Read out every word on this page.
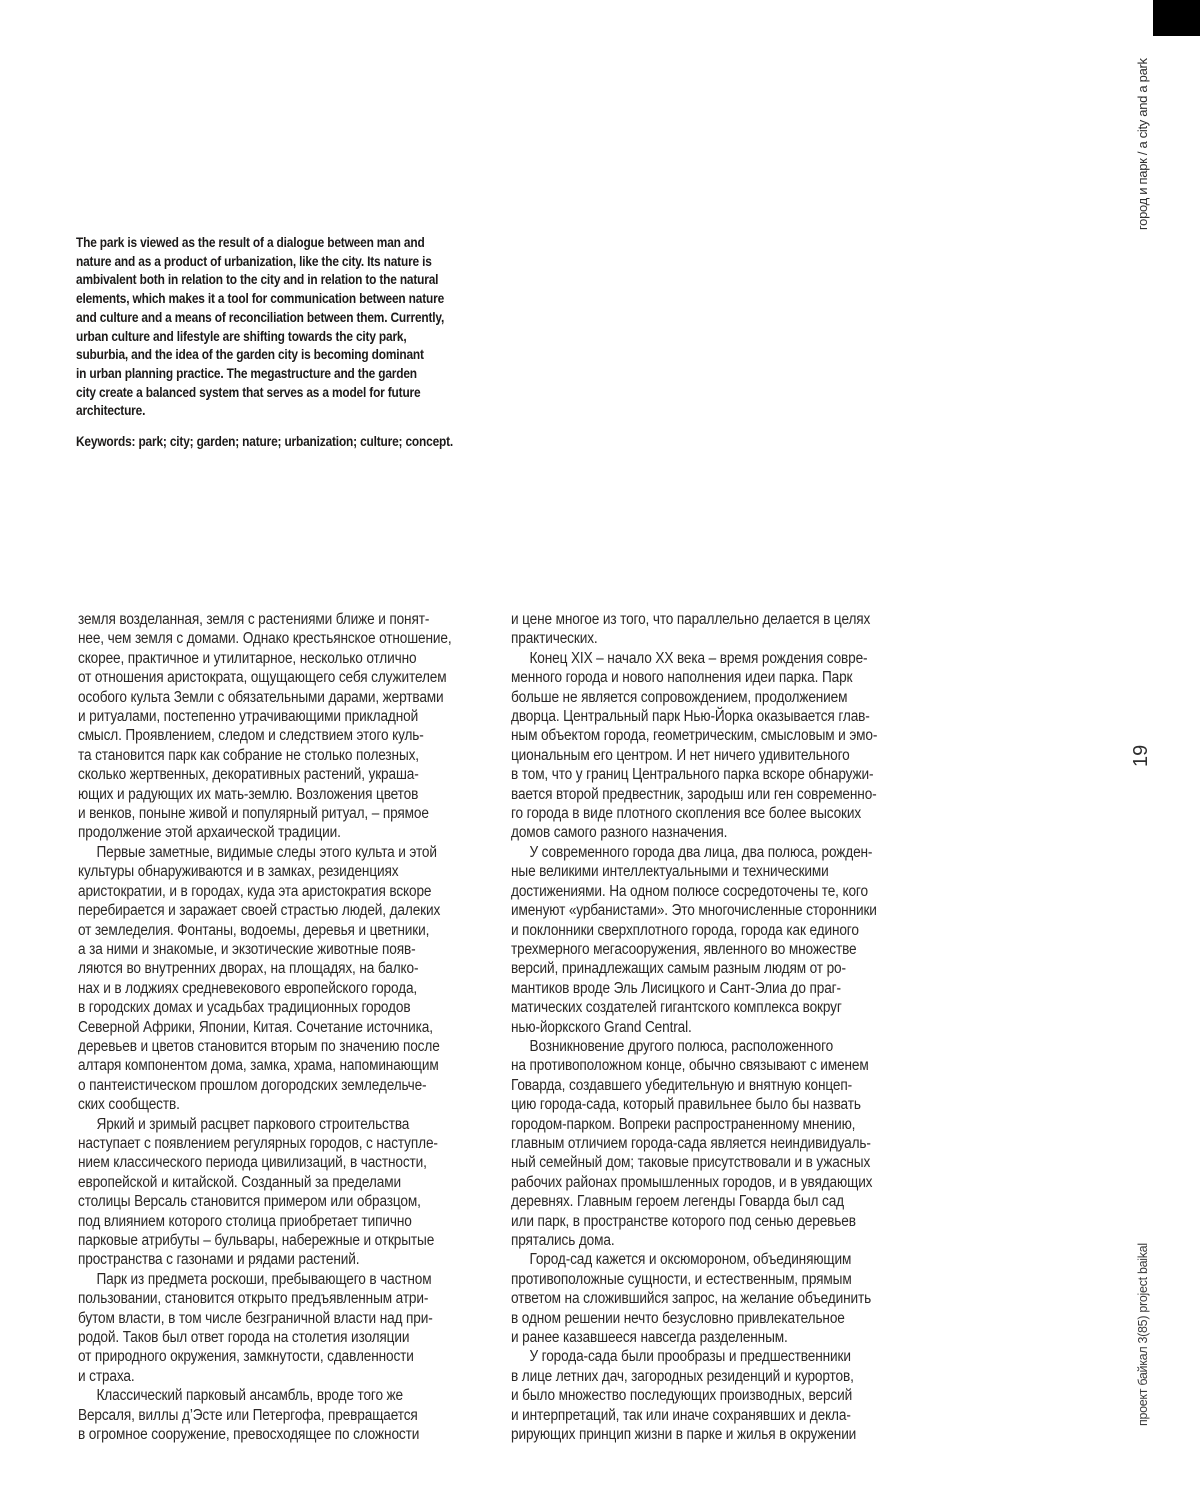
The park is viewed as the result of a dialogue between man and
nature and as a product of urbanization, like the city. Its nature is
ambivalent both in relation to the city and in relation to the natural
elements, which makes it a tool for communication between nature
and culture and a means of reconciliation between them. Currently,
urban culture and lifestyle are shifting towards the city park,
suburbia, and the idea of the garden city is becoming dominant
in urban planning practice. The megastructure and the garden
city create a balanced system that serves as a model for future
architecture.
Keywords: park; city; garden; nature; urbanization; culture; concept.
земля возделанная, земля с растениями ближе и понят-
нее, чем земля с домами. Однако крестьянское отношение,
скорее, практичное и утилитарное, несколько отлично
от отношения аристократа, ощущающего себя служителем
особого культа Земли с обязательными дарами, жертвами
и ритуалами, постепенно утрачивающими прикладной
смысл. Проявлением, следом и следствием этого куль-
та становится парк как собрание не столько полезных,
сколько жертвенных, декоративных растений, украша-
ющих и радующих их мать-землю. Возложения цветов
и венков, поныне живой и популярный ритуал, – прямое
продолжение этой архаической традиции.
Первые заметные, видимые следы этого культа и этой
культуры обнаруживаются и в замках, резиденциях
аристократии, и в городах, куда эта аристократия вскоре
перебирается и заражает своей страстью людей, далеких
от земледелия. Фонтаны, водоемы, деревья и цветники,
а за ними и знакомые, и экзотические животные появ-
ляются во внутренних дворах, на площадях, на балко-
нах и в лоджиях средневекового европейского города,
в городских домах и усадьбах традиционных городов
Северной Африки, Японии, Китая. Сочетание источника,
деревьев и цветов становится вторым по значению после
алтаря компонентом дома, замка, храма, напоминающим
о пантеистическом прошлом догородских земледельче-
ских сообществ.
Яркий и зримый расцвет паркового строительства
наступает с появлением регулярных городов, с наступле-
нием классического периода цивилизаций, в частности,
европейской и китайской. Созданный за пределами
столицы Версаль становится примером или образцом,
под влиянием которого столица приобретает типично
парковые атрибуты – бульвары, набережные и открытые
пространства с газонами и рядами растений.
Парк из предмета роскоши, пребывающего в частном
пользовании, становится открыто предъявленным атри-
бутом власти, в том числе безграничной власти над при-
родой. Таков был ответ города на столетия изоляции
от природного окружения, замкнутости, сдавленности
и страха.
Классический парковый ансамбль, вроде того же
Версаля, виллы д’Эсте или Петергофа, превращается
в огромное сооружение, превосходящее по сложности
и цене многое из того, что параллельно делается в целях
практических.
Конец XIX – начало XX века – время рождения совре-
менного города и нового наполнения идеи парка. Парк
больше не является сопровождением, продолжением
дворца. Центральный парк Нью-Йорка оказывается глав-
ным объектом города, геометрическим, смысловым и эмо-
циональным его центром. И нет ничего удивительного
в том, что у границ Центрального парка вскоре обнаружи-
вается второй предвестник, зародыш или ген современно-
го города в виде плотного скопления все более высоких
домов самого разного назначения.
У современного города два лица, два полюса, рожден-
ные великими интеллектуальными и техническими
достижениями. На одном полюсе сосредоточены те, кого
именуют «урбанистами». Это многочисленные сторонники
и поклонники сверхплотного города, города как единого
трехмерного мегасооружения, явленного во множестве
версий, принадлежащих самым разным людям от ро-
мантиков вроде Эль Лисицкого и Сант-Элиа до праг-
матических создателей гигантского комплекса вокруг
нью-йоркского Grand Central.
Возникновение другого полюса, расположенного
на противоположном конце, обычно связывают с именем
Говарда, создавшего убедительную и внятную концеп-
цию города-сада, который правильнее было бы назвать
городом-парком. Вопреки распространенному мнению,
главным отличием города-сада является неиндивидуаль-
ный семейный дом; таковые присутствовали и в ужасных
рабочих районах промышленных городов, и в увядающих
деревнях. Главным героем легенды Говарда был сад
или парк, в пространстве которого под сенью деревьев
прятались дома.
Город-сад кажется и оксюмороном, объединяющим
противоположные сущности, и естественным, прямым
ответом на сложившийся запрос, на желание объединить
в одном решении нечто безусловно привлекательное
и ранее казавшееся навсегда разделенным.
У города-сада были прообразы и предшественники
в лице летних дач, загородных резиденций и курортов,
и было множество последующих производных, версий
и интерпретаций, так или иначе сохранявших и декла-
рирующих принцип жизни в парке и жилья в окружении
город и парк / a city and a park
19
проект байкал 3(85) project baikal
